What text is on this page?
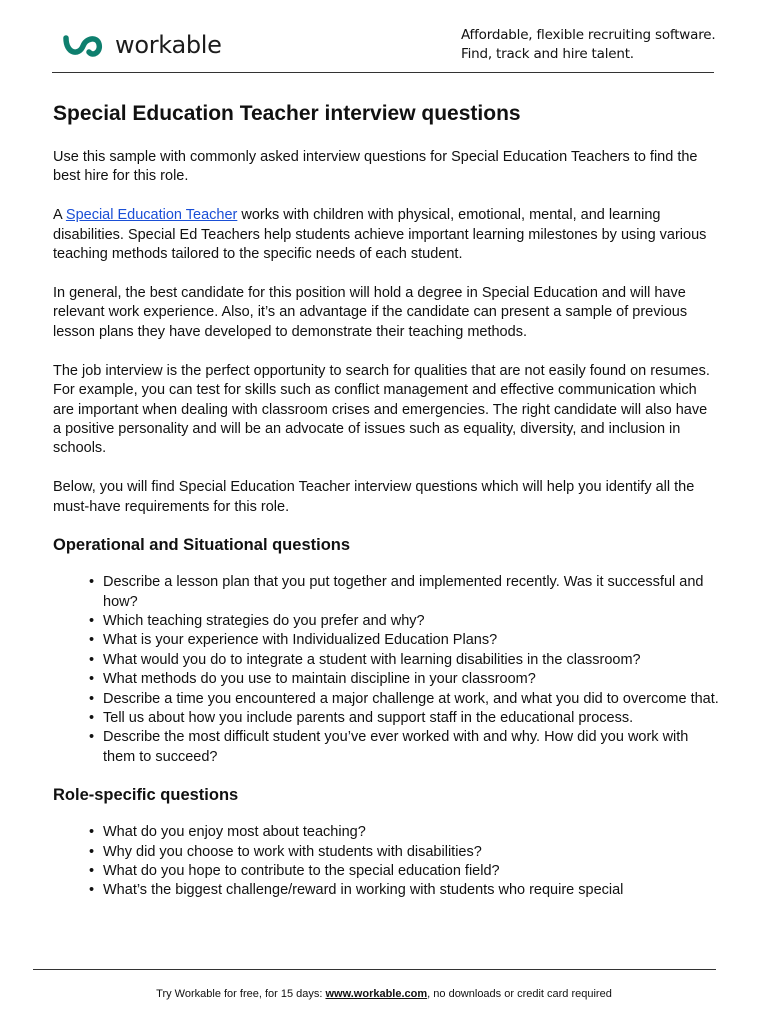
workable	Affordable, flexible recruiting software.
Find, track and hire talent.
Special Education Teacher interview questions

Use this sample with commonly asked interview questions for Special Education Teachers to find the best hire for this role.

A Special Education Teacher works with children with physical, emotional, mental, and learning disabilities. Special Ed Teachers help students achieve important learning milestones by using various teaching methods tailored to the specific needs of each student.

In general, the best candidate for this position will hold a degree in Special Education and will have relevant work experience. Also, it’s an advantage if the candidate can present a sample of previous lesson plans they have developed to demonstrate their teaching methods.

The job interview is the perfect opportunity to search for qualities that are not easily found on resumes. For example, you can test for skills such as conflict management and effective communication which are important when dealing with classroom crises and emergencies. The right candidate will also have a positive personality and will be an advocate of issues such as equality, diversity, and inclusion in schools.

Below, you will find Special Education Teacher interview questions which will help you identify all the must-have requirements for this role.

Operational and Situational questions
• Describe a lesson plan that you put together and implemented recently. Was it successful and how?
• Which teaching strategies do you prefer and why?
• What is your experience with Individualized Education Plans?
• What would you do to integrate a student with learning disabilities in the classroom?
• What methods do you use to maintain discipline in your classroom?
• Describe a time you encountered a major challenge at work, and what you did to overcome that.
• Tell us about how you include parents and support staff in the educational process.
• Describe the most difficult student you’ve ever worked with and why. How did you work with them to succeed?
Role-specific questions
• What do you enjoy most about teaching?
• Why did you choose to work with students with disabilities?
• What do you hope to contribute to the special education field?
• What’s the biggest challenge/reward in working with students who require special
Try Workable for free, for 15 days: www.workable.com, no downloads or credit card required
